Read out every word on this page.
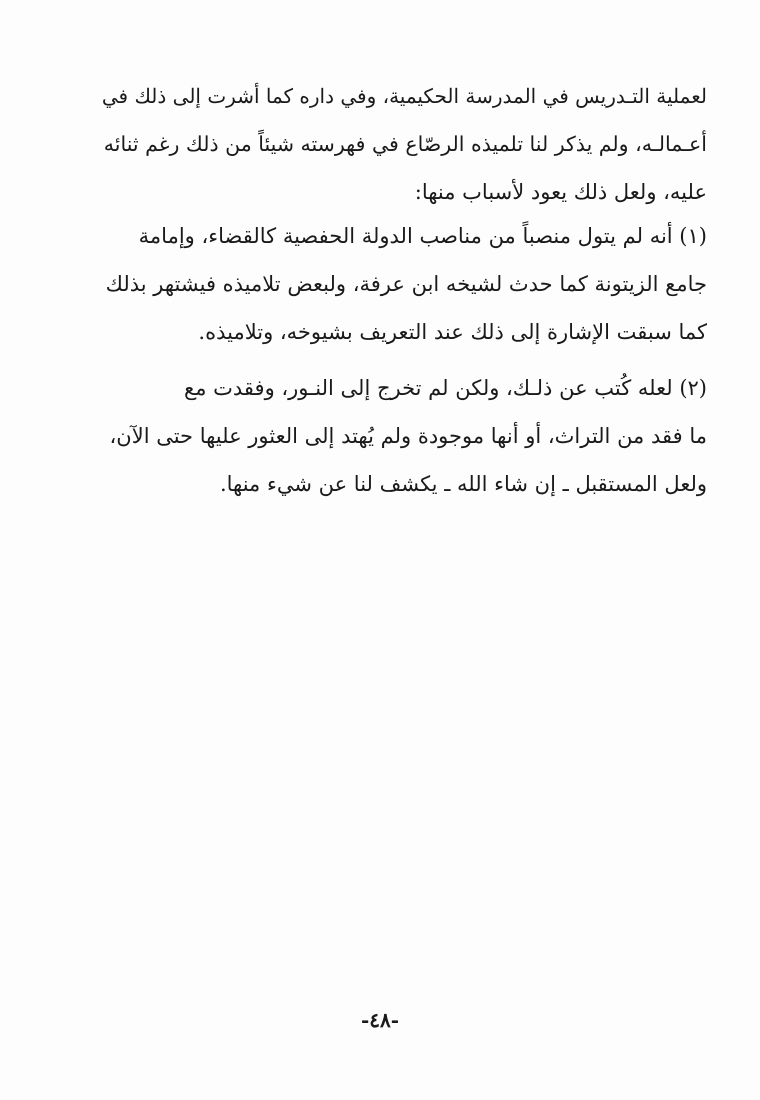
لعملية التـدريس في المدرسة الحكيمية، وفي داره كما أشرت إلى ذلك في
أعـمالـه، ولم يذكر لنا تلميذه الرصّاع في فهرسته شيئاً من ذلك رغم ثنائه
عليه، ولعل ذلك يعود لأسباب منها:
(١) أنه لم يتول منصباً من مناصب الدولة الحفصية كالقضاء، وإمامة
جامع الزيتونة كما حدث لشيخه ابن عرفة، ولبعض تلاميذه فيشتهر بذلك
كما سبقت الإشارة إلى ذلك عند التعريف بشيوخه، وتلاميذه.
(٢) لعله كُتب عن ذلـك، ولكن لم تخرج إلى النـور، وفقدت مع
ما فقد من التراث، أو أنها موجودة ولم يُهتد إلى العثور عليها حتى الآن،
ولعل المستقبل ـ إن شاء الله ـ يكشف لنا عن شيء منها.
-٤٨-
